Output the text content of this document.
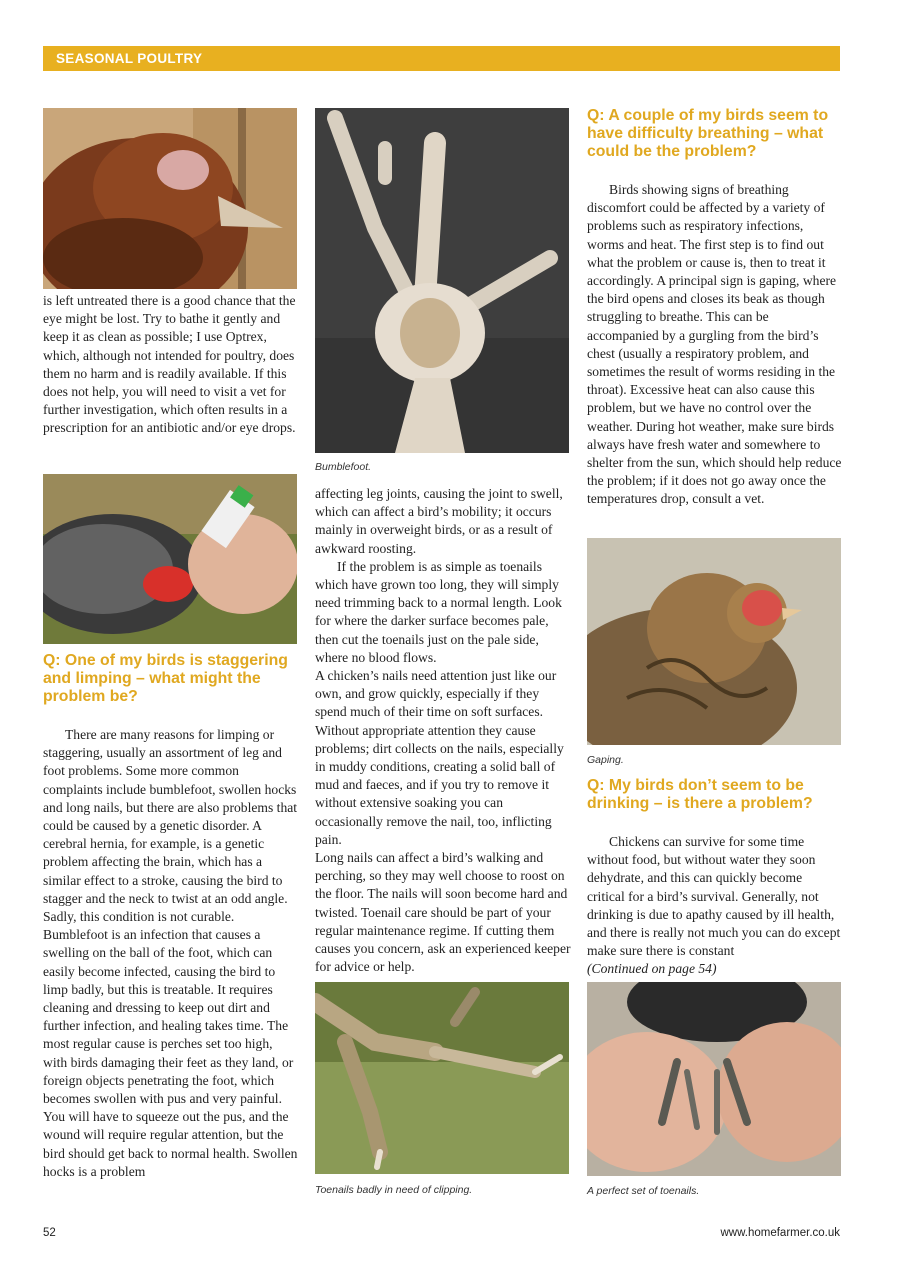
SEASONAL POULTRY

is left untreated there is a good chance that the eye might be lost. Try to bathe it gently and keep it as clean as possible; I use Optrex, which, although not intended for poultry, does them no harm and is readily available. If this does not help, you will need to visit a vet for further investigation, which often results in a prescription for an antibiotic and/or eye drops.

Q: One of my birds is staggering and limping – what might the problem be?

There are many reasons for limping or staggering, usually an assortment of leg and foot problems. Some more common complaints include bumblefoot, swollen hocks and long nails, but there are also problems that could be caused by a genetic disorder. A cerebral hernia, for example, is a genetic problem affecting the brain, which has a similar effect to a stroke, causing the bird to stagger and the neck to twist at an odd angle. Sadly, this condition is not curable. Bumblefoot is an infection that causes a swelling on the ball of the foot, which can easily become infected, causing the bird to limp badly, but this is treatable. It requires cleaning and dressing to keep out dirt and further infection, and healing takes time. The most regular cause is perches set too high, with birds damaging their feet as they land, or foreign objects penetrating the foot, which becomes swollen with pus and very painful. You will have to squeeze out the pus, and the wound will require regular attention, but the bird should get back to normal health. Swollen hocks is a problem

Bumblefoot.

affecting leg joints, causing the joint to swell, which can affect a bird’s mobility; it occurs mainly in overweight birds, or as a result of awkward roosting.

If the problem is as simple as toenails which have grown too long, they will simply need trimming back to a normal length. Look for where the darker surface becomes pale, then cut the toenails just on the pale side, where no blood flows.

A chicken’s nails need attention just like our own, and grow quickly, especially if they spend much of their time on soft surfaces. Without appropriate attention they cause problems; dirt collects on the nails, especially in muddy conditions, creating a solid ball of mud and faeces, and if you try to remove it without extensive soaking you can occasionally remove the nail, too, inflicting pain.

Long nails can affect a bird’s walking and perching, so they may well choose to roost on the floor. The nails will soon become hard and twisted. Toenail care should be part of your regular maintenance regime. If cutting them causes you concern, ask an experienced keeper for advice or help.

Toenails badly in need of clipping.
Q: A couple of my birds seem to have difficulty breathing – what could be the problem?

Birds showing signs of breathing discomfort could be affected by a variety of problems such as respiratory infections, worms and heat. The first step is to find out what the problem or cause is, then to treat it accordingly. A principal sign is gaping, where the bird opens and closes its beak as though struggling to breathe. This can be accompanied by a gurgling from the bird’s chest (usually a respiratory problem, and sometimes the result of worms residing in the throat). Excessive heat can also cause this problem, but we have no control over the weather. During hot weather, make sure birds always have fresh water and somewhere to shelter from the sun, which should help reduce the problem; if it does not go away once the temperatures drop, consult a vet.

Gaping.
Q: My birds don’t seem to be drinking – is there a problem?

Chickens can survive for some time without food, but without water they soon dehydrate, and this can quickly become critical for a bird’s survival. Generally, not drinking is due to apathy caused by ill health, and there is really not much you can do except make sure there is constant

(Continued on page 54)

A perfect set of toenails.
52	www.homefarmer.co.uk
